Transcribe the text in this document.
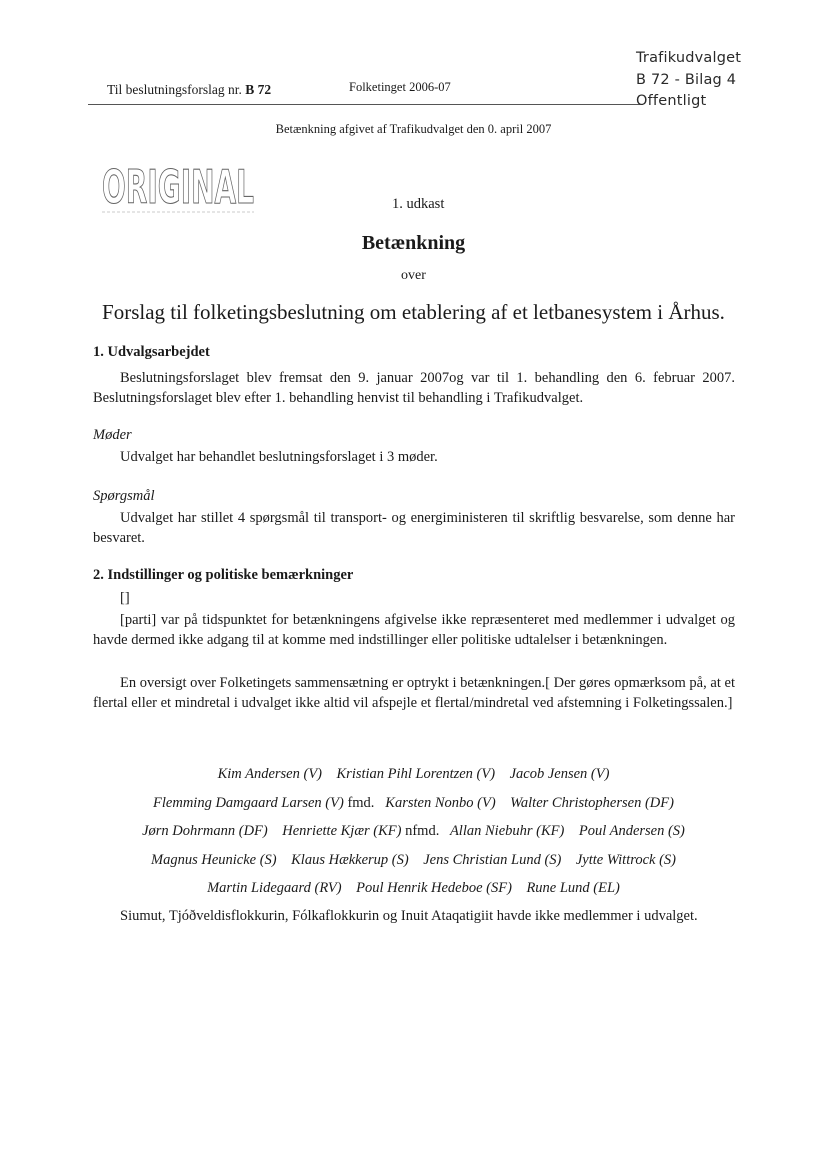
Til beslutningsforslag nr. B 72	Folketinget 2006-07
Trafikudvalget
B 72 - Bilag 4
Offentligt
Betænkning afgivet af Trafikudvalget den 0. april 2007
ORIGINAL	1. udkast
Betænkning
over
Forslag til folketingsbeslutning om etablering af et letbanesystem i Århus.
1. Udvalgsarbejdet
Beslutningsforslaget blev fremsat den 9. januar 2007og var til 1. behandling den 6. februar 2007. Beslutningsforslaget blev efter 1. behandling henvist til behandling i Trafikudvalget.
Møder
Udvalget har behandlet beslutningsforslaget i 3 møder.
Spørgsmål
Udvalget har stillet 4 spørgsmål til transport- og energiministeren til skriftlig besvarelse, som denne har besvaret.
2. Indstillinger og politiske bemærkninger
[]
[parti] var på tidspunktet for betænkningens afgivelse ikke repræsenteret med medlemmer i udvalget og havde dermed ikke adgang til at komme med indstillinger eller politiske udtalelser i betænkningen.
En oversigt over Folketingets sammensætning er optrykt i betænkningen.[ Der gøres opmærksom på, at et flertal eller et mindretal i udvalget ikke altid vil afspejle et flertal/mindretal ved afstemning i Folketingssalen.]
Kim Andersen (V) Kristian Pihl Lorentzen (V) Jacob Jensen (V)
Flemming Damgaard Larsen (V) fmd. Karsten Nonbo (V) Walter Christophersen (DF)
Jørn Dohrmann (DF) Henriette Kjær (KF) nfmd. Allan Niebuhr (KF) Poul Andersen (S)
Magnus Heunicke (S) Klaus Hækkerup (S) Jens Christian Lund (S) Jytte Wittrock (S)
Martin Lidegaard (RV) Poul Henrik Hedeboe (SF) Rune Lund (EL)
Siumut, Tjóðveldisflokkurin, Fólkaflokkurin og Inuit Ataqatigiit havde ikke medlemmer i udvalget.
